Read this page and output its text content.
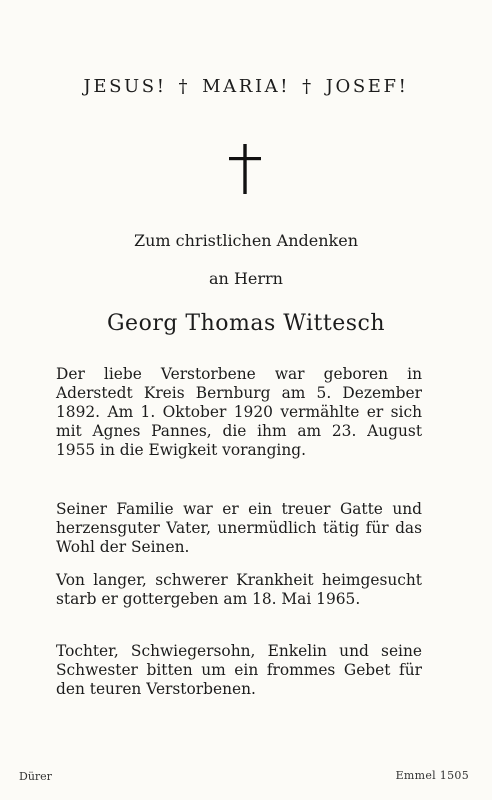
JESUS! † MARIA! † JOSEF!
Zum christlichen Andenken
an Herrn
Georg Thomas Wittesch
Der liebe Verstorbene war geboren in Aderstedt Kreis Bernburg am 5. Dezember 1892. Am 1. Oktober 1920 vermählte er sich mit Agnes Pannes, die ihm am 23. August 1955 in die Ewigkeit voranging.
Seiner Familie war er ein treuer Gatte und herzensguter Vater, unermüdlich tätig für das Wohl der Seinen.
Von langer, schwerer Krankheit heimgesucht starb er gottergeben am 18. Mai 1965.
Tochter, Schwiegersohn, Enkelin und seine Schwester bitten um ein frommes Gebet für den teuren Verstorbenen.
Dürer	Emmel 1505
